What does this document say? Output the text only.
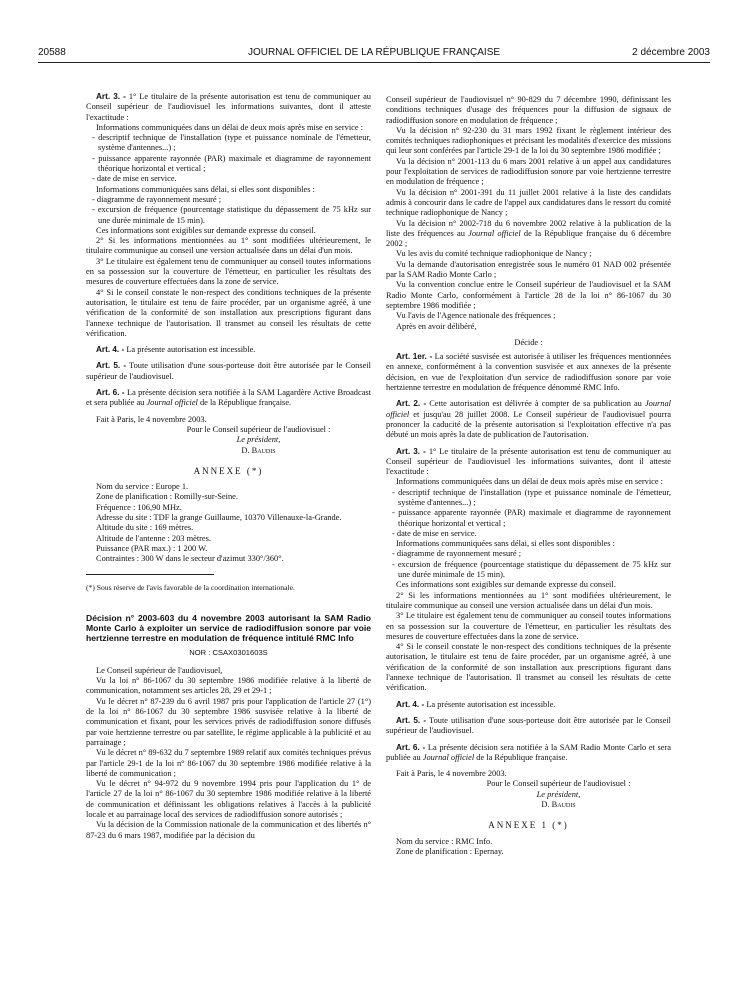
20588	JOURNAL OFFICIEL DE LA RÉPUBLIQUE FRANÇAISE	2 décembre 2003

Art. 3. - 1° Le titulaire de la présente autorisation est tenu de communiquer au Conseil supérieur de l'audiovisuel les informations suivantes, dont il atteste l'exactitude :

Informations communiquées dans un délai de deux mois après mise en service :

- descriptif technique de l'installation (type et puissance nominale de l'émetteur, système d'antennes...) ;

- puissance apparente rayonnée (PAR) maximale et diagramme de rayonnement théorique horizontal et vertical ;

- date de mise en service.

Informations communiquées sans délai, si elles sont disponibles :

- diagramme de rayonnement mesuré ;

- excursion de fréquence (pourcentage statistique du dépassement de 75 kHz sur une durée minimale de 15 min).

Ces informations sont exigibles sur demande expresse du conseil.

2° Si les informations mentionnées au 1° sont modifiées ultérieurement, le titulaire communique au conseil une version actualisée dans un délai d'un mois.

3° Le titulaire est également tenu de communiquer au conseil toutes informations en sa possession sur la couverture de l'émetteur, en particulier les résultats des mesures de couverture effectuées dans la zone de service.

4° Si le conseil constate le non-respect des conditions techniques de la présente autorisation, le titulaire est tenu de faire procéder, par un organisme agréé, à une vérification de la conformité de son installation aux prescriptions figurant dans l'annexe technique de l'autorisation. Il transmet au conseil les résultats de cette vérification.

Art. 4. - La présente autorisation est incessible.

Art. 5. - Toute utilisation d'une sous-porteuse doit être autorisée par le Conseil supérieur de l'audiovisuel.

Art. 6. - La présente décision sera notifiée à la SAM Lagardère Active Broadcast et sera publiée au Journal officiel de la République française.

Fait à Paris, le 4 novembre 2003.

Pour le Conseil supérieur de l'audiovisuel :

Le président,

D. Baudis

ANNEXE (*)

Nom du service : Europe 1.

Zone de planification : Romilly-sur-Seine.

Fréquence : 106,90 MHz.

Adresse du site : TDF la grange Guillaume, 10370 Villenauxe-la-Grande.

Altitude du site : 169 mètres.

Altitude de l'antenne : 203 mètres.

Puissance (PAR max.) : 1 200 W.

Contraintes : 300 W dans le secteur d'azimut 330°/360°.

(*) Sous réserve de l'avis favorable de la coordination internationale.

Décision n° 2003-603 du 4 novembre 2003 autorisant la SAM Radio Monte Carlo à exploiter un service de radiodiffusion sonore par voie hertzienne terrestre en modulation de fréquence intitulé RMC Info

NOR : CSAX0301603S

Le Conseil supérieur de l'audiovisuel,

Vu la loi n° 86-1067 du 30 septembre 1986 modifiée relative à la liberté de communication, notamment ses articles 28, 29 et 29-1 ;

Vu le décret n° 87-239 du 6 avril 1987 pris pour l'application de l'article 27 (1°) de la loi n° 86-1067 du 30 septembre 1986 susvisée relative à la liberté de communication et fixant, pour les services privés de radiodiffusion sonore diffusés par voie hertzienne terrestre ou par satellite, le régime applicable à la publicité et au parrainage ;

Vu le décret n° 89-632 du 7 septembre 1989 relatif aux comités techniques prévus par l'article 29-1 de la loi n° 86-1067 du 30 septembre 1986 modifiée relative à la liberté de communication ;

Vu le décret n° 94-972 du 9 novembre 1994 pris pour l'application du 1° de l'article 27 de la loi n° 86-1067 du 30 septembre 1986 modifiée relative à la liberté de communication et définissant les obligations relatives à l'accès à la publicité locale et au parrainage local des services de radiodiffusion sonore autorisés ;

Vu la décision de la Commission nationale de la communication et des libertés n° 87-23 du 6 mars 1987, modifiée par la décision du

Conseil supérieur de l'audiovisuel n° 90-829 du 7 décembre 1990, définissant les conditions techniques d'usage des fréquences pour la diffusion de signaux de radiodiffusion sonore en modulation de fréquence ;

Vu la décision n° 92-230 du 31 mars 1992 fixant le règlement intérieur des comités techniques radiophoniques et précisant les modalités d'exercice des missions qui leur sont conférées par l'article 29-1 de la loi du 30 septembre 1986 modifiée ;

Vu la décision n° 2001-113 du 6 mars 2001 relative à un appel aux candidatures pour l'exploitation de services de radiodiffusion sonore par voie hertzienne terrestre en modulation de fréquence ;

Vu la décision n° 2001-391 du 11 juillet 2001 relative à la liste des candidats admis à concourir dans le cadre de l'appel aux candidatures dans le ressort du comité technique radiophonique de Nancy ;

Vu la décision n° 2002-718 du 6 novembre 2002 relative à la publication de la liste des fréquences au Journal officiel de la République française du 6 décembre 2002 ;

Vu les avis du comité technique radiophonique de Nancy ;

Vu la demande d'autorisation enregistrée sous le numéro 01 NAD 002 présentée par la SAM Radio Monte Carlo ;

Vu la convention conclue entre le Conseil supérieur de l'audiovisuel et la SAM Radio Monte Carlo, conformément à l'article 28 de la loi n° 86-1067 du 30 septembre 1986 modifiée ;

Vu l'avis de l'Agence nationale des fréquences ;

Après en avoir délibéré,

Décide :

Art. 1er. - La société susvisée est autorisée à utiliser les fréquences mentionnées en annexe, conformément à la convention susvisée et aux annexes de la présente décision, en vue de l'exploitation d'un service de radiodiffusion sonore par voie hertzienne terrestre en modulation de fréquence dénommé RMC Info.

Art. 2. - Cette autorisation est délivrée à compter de sa publication au Journal officiel et jusqu'au 28 juillet 2008. Le Conseil supérieur de l'audiovisuel pourra prononcer la caducité de la présente autorisation si l'exploitation effective n'a pas débuté un mois après la date de publication de l'autorisation.

Art. 3. - 1° Le titulaire de la présente autorisation est tenu de communiquer au Conseil supérieur de l'audiovisuel les informations suivantes, dont il atteste l'exactitude :

Informations communiquées dans un délai de deux mois après mise en service :

- descriptif technique de l'installation (type et puissance nominale de l'émetteur, système d'antennes...) ;

- puissance apparente rayonnée (PAR) maximale et diagramme de rayonnement théorique horizontal et vertical ;

- date de mise en service.

Informations communiquées sans délai, si elles sont disponibles :

- diagramme de rayonnement mesuré ;

- excursion de fréquence (pourcentage statistique du dépassement de 75 kHz sur une durée minimale de 15 min).

Ces informations sont exigibles sur demande expresse du conseil.

2° Si les informations mentionnées au 1° sont modifiées ultérieurement, le titulaire communique au conseil une version actualisée dans un délai d'un mois.

3° Le titulaire est également tenu de communiquer au conseil toutes informations en sa possession sur la couverture de l'émetteur, en particulier les résultats des mesures de couverture effectuées dans la zone de service.

4° Si le conseil constate le non-respect des conditions techniques de la présente autorisation, le titulaire est tenu de faire procéder, par un organisme agréé, à une vérification de la conformité de son installation aux prescriptions figurant dans l'annexe technique de l'autorisation. Il transmet au conseil les résultats de cette vérification.

Art. 4. - La présente autorisation est incessible.

Art. 5. - Toute utilisation d'une sous-porteuse doit être autorisée par le Conseil supérieur de l'audiovisuel.

Art. 6. - La présente décision sera notifiée à la SAM Radio Monte Carlo et sera publiée au Journal officiel de la République française.

Fait à Paris, le 4 novembre 2003.

Pour le Conseil supérieur de l'audiovisuel :

Le président,

D. Baudis

ANNEXE 1 (*)

Nom du service : RMC Info.

Zone de planification : Epernay.
